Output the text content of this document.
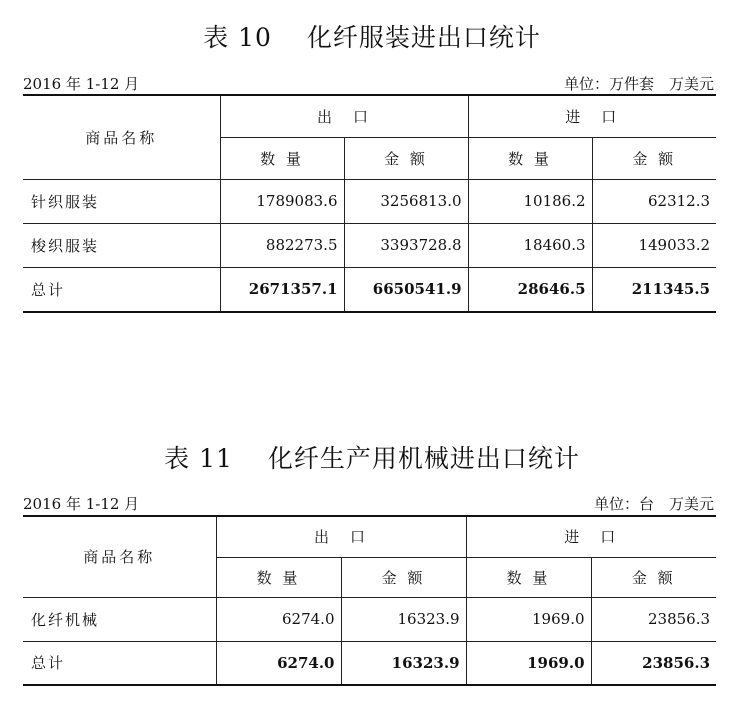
表 10　 化纤服装进出口统计
2016 年 1-12 月	单位：万件套　万美元
商品名称	出　口		进　口	
	数 量	金 额	数 量	金 额
针织服装	1789083.6	3256813.0	10186.2	62312.3
梭织服装	882273.5	3393728.8	18460.3	149033.2
总计	2671357.1	6650541.9	28646.5	211345.5
表 11　 化纤生产用机械进出口统计
2016 年 1-12 月	单位：台　万美元
商品名称	出　口		进　口	
	数 量	金 额	数 量	金 额
化纤机械	6274.0	16323.9	1969.0	23856.3
总计	6274.0	16323.9	1969.0	23856.3
